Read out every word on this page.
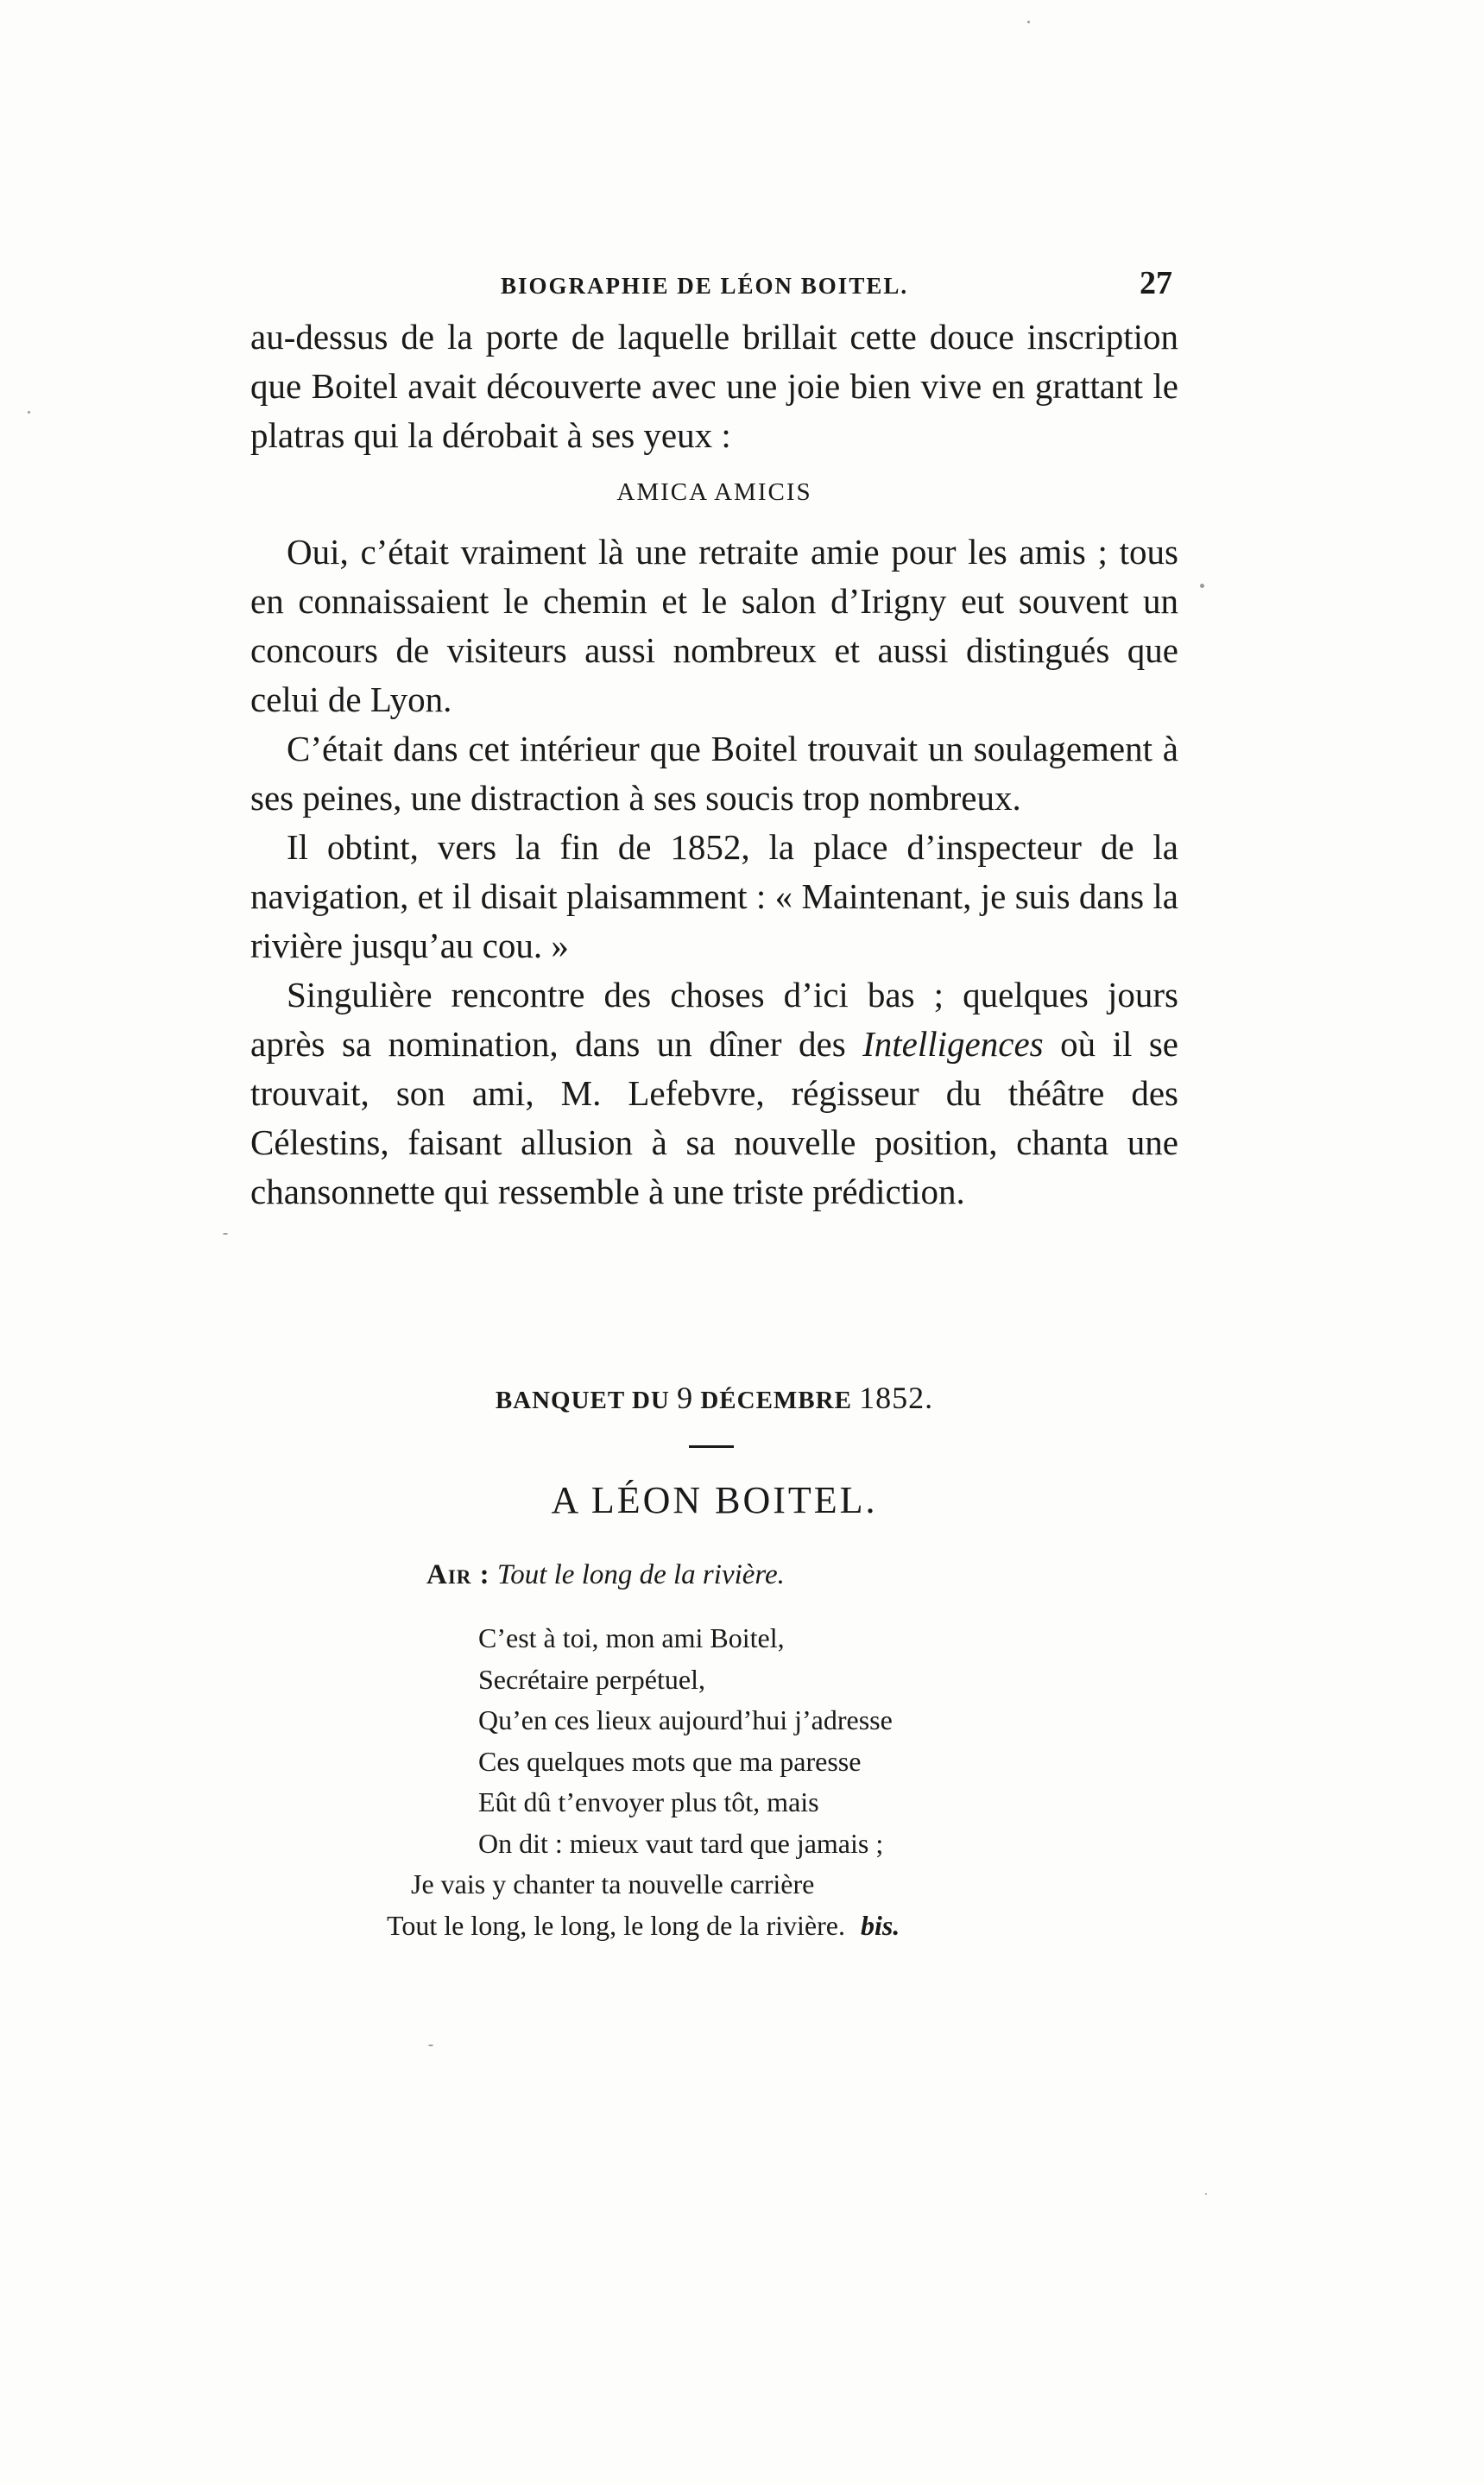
BIOGRAPHIE DE LÉON BOITEL.	27

au-dessus de la porte de laquelle brillait cette douce inscription que Boitel avait découverte avec une joie bien vive en grattant le platras qui la dérobait à ses yeux :

AMICA AMICIS

Oui, c’était vraiment là une retraite amie pour les amis ; tous en connaissaient le chemin et le salon d’Irigny eut souvent un concours de visiteurs aussi nombreux et aussi distingués que celui de Lyon.

C’était dans cet intérieur que Boitel trouvait un soulagement à ses peines, une distraction à ses soucis trop nombreux.

Il obtint, vers la fin de 1852, la place d’inspecteur de la navigation, et il disait plaisamment : « Maintenant, je suis dans la rivière jusqu’au cou. »

Singulière rencontre des choses d’ici bas ; quelques jours après sa nomination, dans un dîner des Intelligences où il se trouvait, son ami, M. Lefebvre, régisseur du théâtre des Célestins, faisant allusion à sa nouvelle position, chanta une chansonnette qui ressemble à une triste prédiction.

BANQUET DU 9 DÉCEMBRE 1852.
A LÉON BOITEL.
Air : Tout le long de la rivière.
C’est à toi, mon ami Boitel,
Secrétaire perpétuel,
Qu’en ces lieux aujourd’hui j’adresse
Ces quelques mots que ma paresse
Eût dû t’envoyer plus tôt, mais
On dit : mieux vaut tard que jamais ;
Je vais y chanter ta nouvelle carrière
Tout le long, le long, le long de la rivière. bis.
